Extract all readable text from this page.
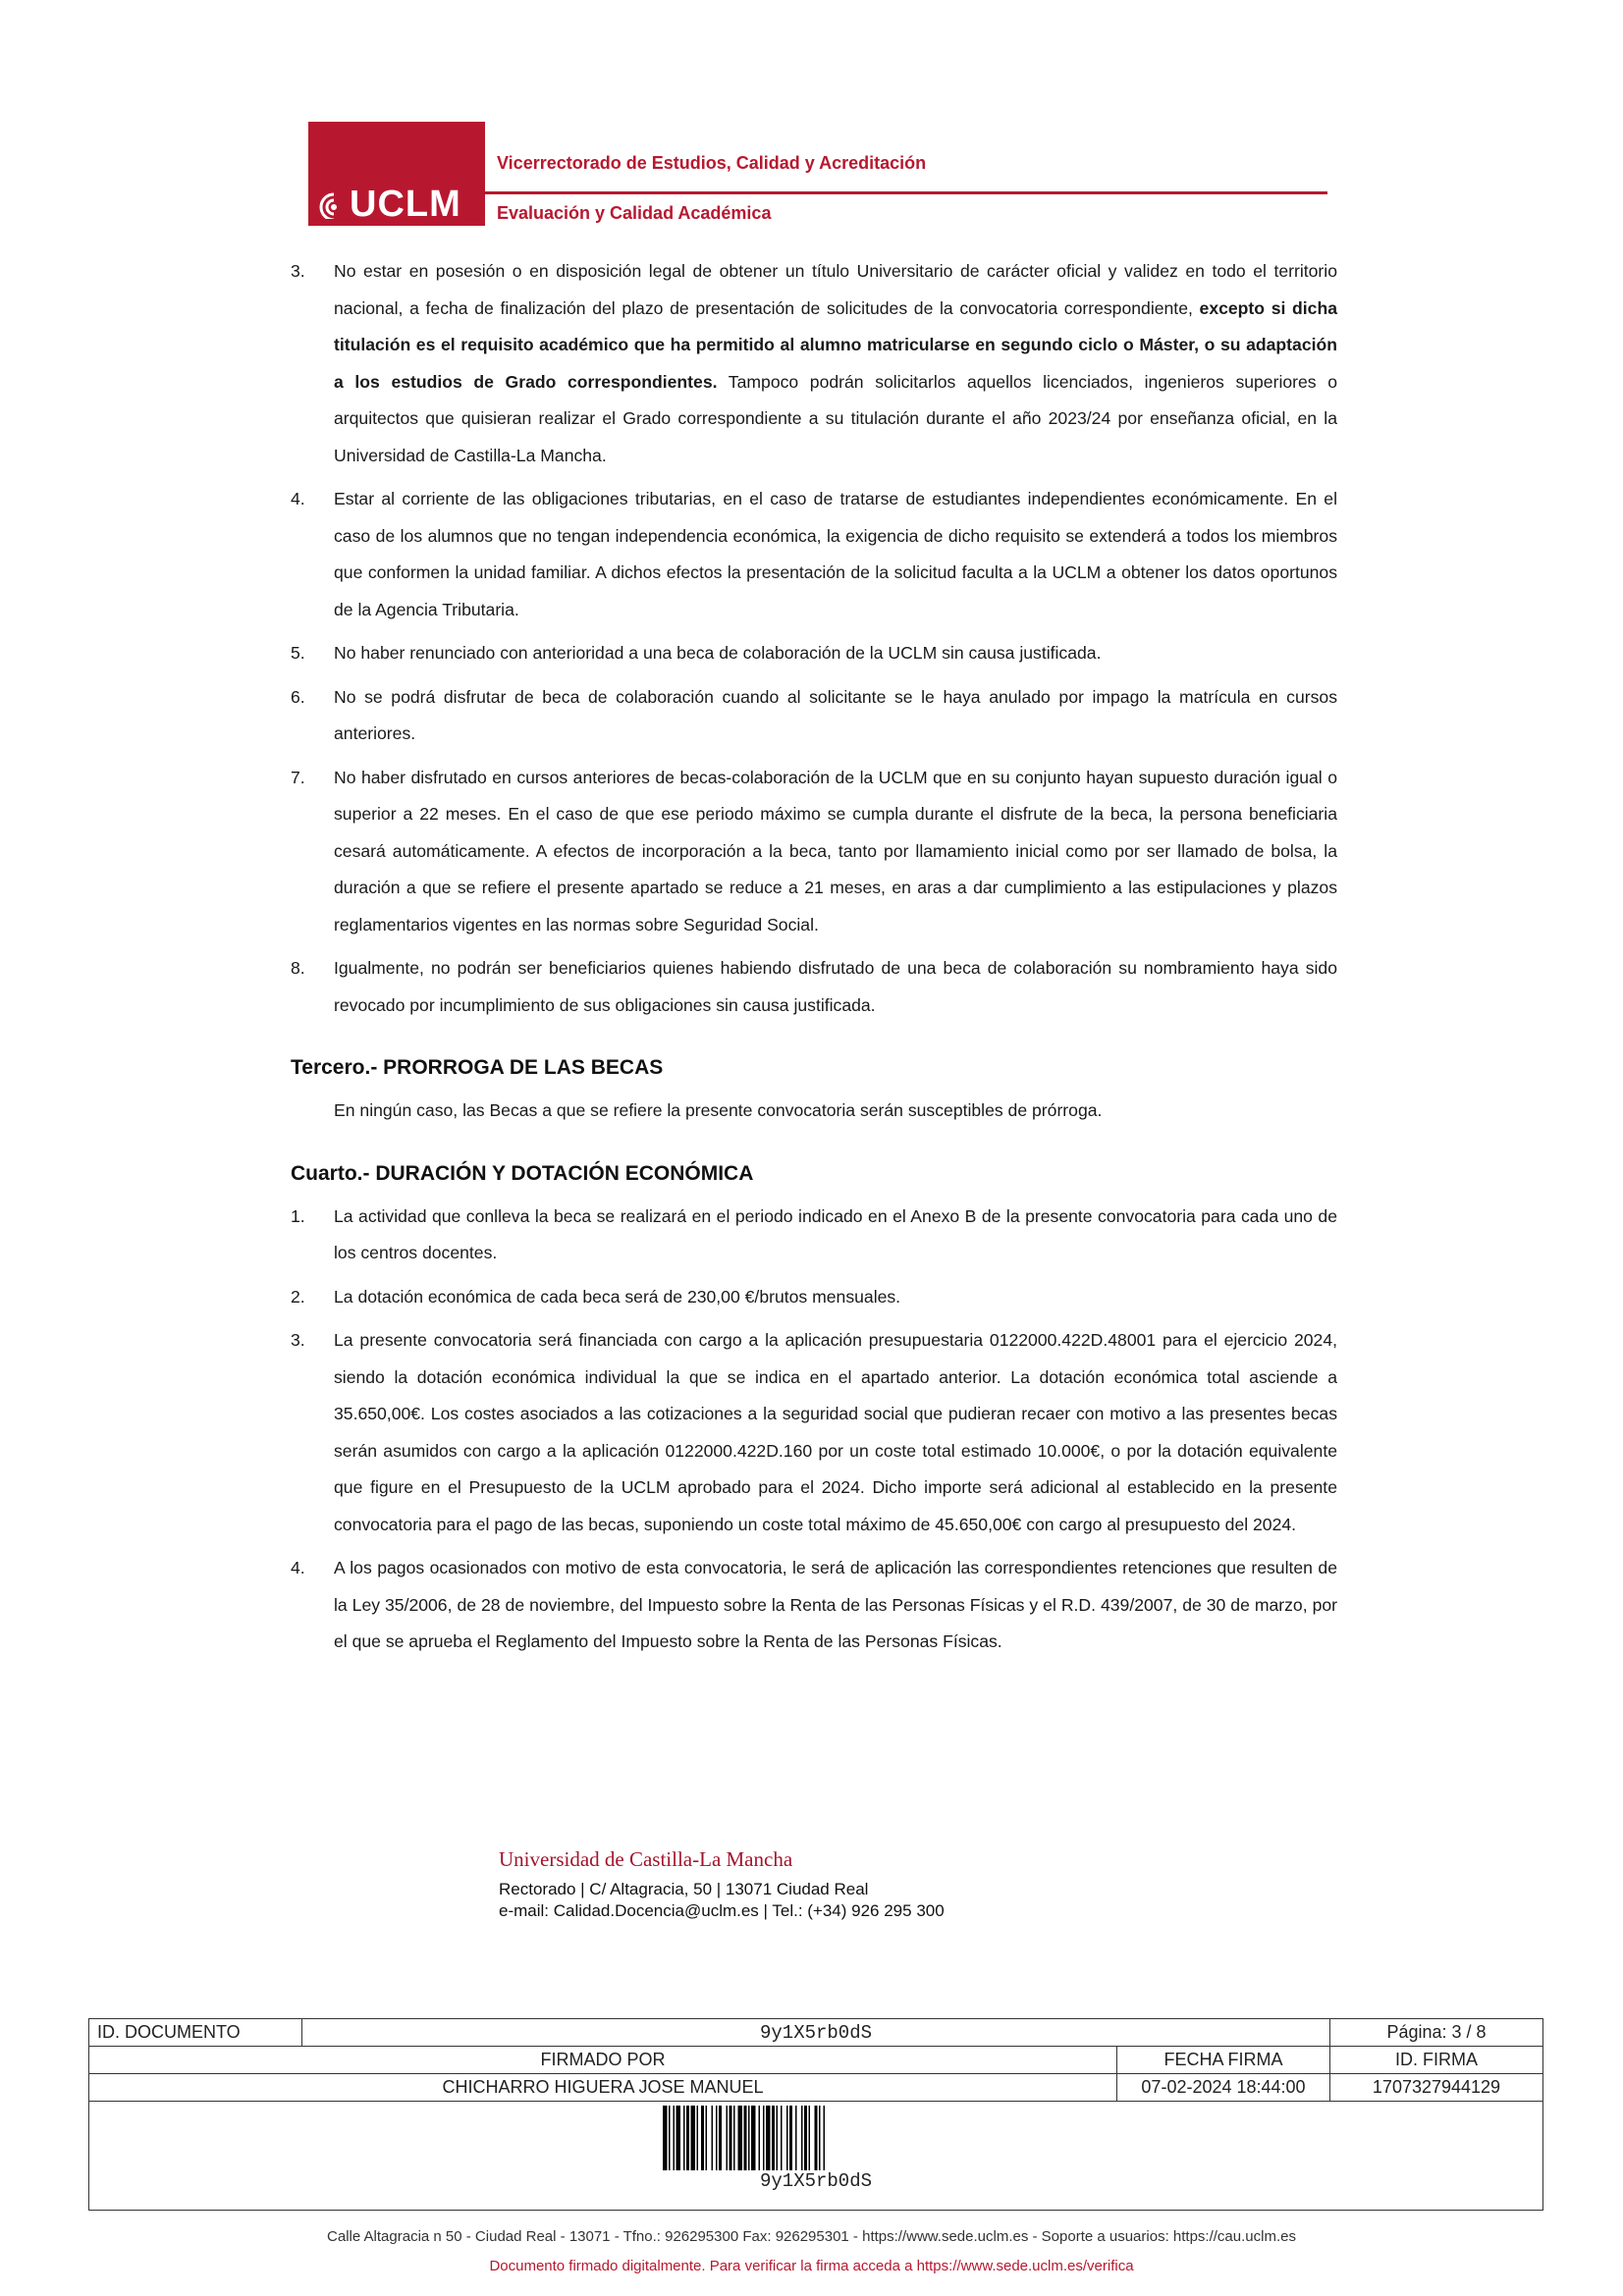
UCLM
Vicerrectorado de Estudios, Calidad y Acreditación
Evaluación y Calidad Académica
3.	No estar en posesión o en disposición legal de obtener un título Universitario de carácter oficial y validez en todo el territorio nacional, a fecha de finalización del plazo de presentación de solicitudes de la convocatoria correspondiente, excepto si dicha titulación es el requisito académico que ha permitido al alumno matricularse en segundo ciclo o Máster, o su adaptación a los estudios de Grado correspondientes. Tampoco podrán solicitarlos aquellos licenciados, ingenieros superiores o arquitectos que quisieran realizar el Grado correspondiente a su titulación durante el año 2023/24 por enseñanza oficial, en la Universidad de Castilla-La Mancha.
4.	Estar al corriente de las obligaciones tributarias, en el caso de tratarse de estudiantes independientes económicamente. En el caso de los alumnos que no tengan independencia económica, la exigencia de dicho requisito se extenderá a todos los miembros que conformen la unidad familiar. A dichos efectos la presentación de la solicitud faculta a la UCLM a obtener los datos oportunos de la Agencia Tributaria.
5.	No haber renunciado con anterioridad a una beca de colaboración de la UCLM sin causa justificada.
6.	No se podrá disfrutar de beca de colaboración cuando al solicitante se le haya anulado por impago la matrícula en cursos anteriores.
7.	No haber disfrutado en cursos anteriores de becas-colaboración de la UCLM que en su conjunto hayan supuesto duración igual o superior a 22 meses. En el caso de que ese periodo máximo se cumpla durante el disfrute de la beca, la persona beneficiaria cesará automáticamente. A efectos de incorporación a la beca, tanto por llamamiento inicial como por ser llamado de bolsa, la duración a que se refiere el presente apartado se reduce a 21 meses, en aras a dar cumplimiento a las estipulaciones y plazos reglamentarios vigentes en las normas sobre Seguridad Social.
8.	Igualmente, no podrán ser beneficiarios quienes habiendo disfrutado de una beca de colaboración su nombramiento haya sido revocado por incumplimiento de sus obligaciones sin causa justificada.
Tercero.- PRORROGA DE LAS BECAS
En ningún caso, las Becas a que se refiere la presente convocatoria serán susceptibles de prórroga.
Cuarto.- DURACIÓN Y DOTACIÓN ECONÓMICA
1.	La actividad que conlleva la beca se realizará en el periodo indicado en el Anexo B de la presente convocatoria para cada uno de los centros docentes.
2.	La dotación económica de cada beca será de 230,00 €/brutos mensuales.
3.	La presente convocatoria será financiada con cargo a la aplicación presupuestaria 0122000.422D.48001 para el ejercicio 2024, siendo la dotación económica individual la que se indica en el apartado anterior. La dotación económica total asciende a 35.650,00€. Los costes asociados a las cotizaciones a la seguridad social que pudieran recaer con motivo a las presentes becas serán asumidos con cargo a la aplicación 0122000.422D.160 por un coste total estimado 10.000€, o por la dotación equivalente que figure en el Presupuesto de la UCLM aprobado para el 2024. Dicho importe será adicional al establecido en la presente convocatoria para el pago de las becas, suponiendo un coste total máximo de 45.650,00€ con cargo al presupuesto del 2024.
4.	A los pagos ocasionados con motivo de esta convocatoria, le será de aplicación las correspondientes retenciones que resulten de la Ley 35/2006, de 28 de noviembre, del Impuesto sobre la Renta de las Personas Físicas y el R.D. 439/2007, de 30 de marzo, por el que se aprueba el Reglamento del Impuesto sobre la Renta de las Personas Físicas.
Universidad de Castilla-La Mancha
Rectorado | C/ Altagracia, 50 | 13071 Ciudad Real
e-mail: Calidad.Docencia@uclm.es | Tel.: (+34) 926 295 300
ID. DOCUMENTO	9y1X5rb0dS		Página: 3 / 8
FIRMADO POR		FECHA FIRMA	ID. FIRMA
CHICHARRO HIGUERA JOSE MANUEL		07-02-2024 18:44:00	1707327944129

9y1X5rb0dS			
Calle Altagracia n 50 - Ciudad Real - 13071 - Tfno.: 926295300 Fax: 926295301 - https://www.sede.uclm.es - Soporte a usuarios: https://cau.uclm.es
Documento firmado digitalmente. Para verificar la firma acceda a https://www.sede.uclm.es/verifica
